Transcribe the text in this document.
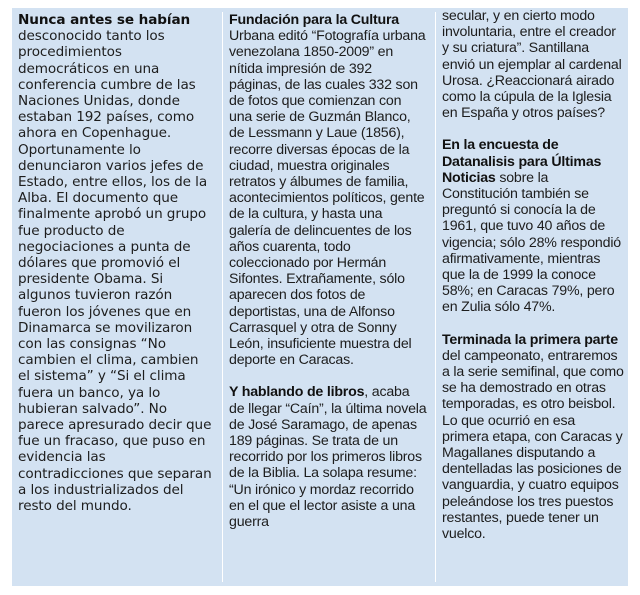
Nunca antes se habían
desconocido tanto los procedimientos democráticos en una conferencia cumbre de las Naciones Unidas, donde estaban 192 países, como ahora en Copenhague. Oportunamente lo denunciaron varios jefes de Estado, entre ellos, los de la Alba. El documento que finalmente aprobó un grupo fue producto de negociaciones a punta de dólares que promovió el presidente Obama. Si algunos tuvieron razón fueron los jóvenes que en Dinamarca se movilizaron con las consignas “No cambien el clima, cambien el sistema” y “Si el clima fuera un banco, ya lo hubieran salvado”. No parece apresurado decir que fue un fracaso, que puso en evidencia las contradicciones que separan a los industrializados del resto del mundo.

Fundación para la Cultura
Urbana editó “Fotografía urbana venezolana 1850-2009” en nítida impresión de 392 páginas, de las cuales 332 son de fotos que comienzan con una serie de Guzmán Blanco, de Lessmann y Laue (1856), recorre diversas épocas de la ciudad, muestra originales retratos y álbumes de familia, acontecimientos políticos, gente de la cultura, y hasta una galería de delincuentes de los años cuarenta, todo coleccionado por Hermán Sifontes. Extrañamente, sólo aparecen dos fotos de deportistas, una de Alfonso Carrasquel y otra de Sonny León, insuficiente muestra del deporte en Caracas.

Y hablando de libros, acaba de llegar “Caín”, la última novela de José Saramago, de apenas 189 páginas. Se trata de un recorrido por los primeros libros de la Biblia. La solapa resume: “Un irónico y mordaz recorrido en el que el lector asiste a una guerra

secular, y en cierto modo involuntaria, entre el creador y su criatura”. Santillana envió un ejemplar al cardenal Urosa. ¿Reaccionará airado como la cúpula de la Iglesia en España y otros países?

En la encuesta de Datanalisis para Últimas Noticias sobre la Constitución también se preguntó si conocía la de 1961, que tuvo 40 años de vigencia; sólo 28% respondió afirmativamente, mientras que la de 1999 la conoce 58%; en Caracas 79%, pero en Zulia sólo 47%.

Terminada la primera parte del campeonato, entraremos a la serie semifinal, que como se ha demostrado en otras temporadas, es otro beisbol. Lo que ocurrió en esa primera etapa, con Caracas y Magallanes disputando a dentelladas las posiciones de vanguardia, y cuatro equipos peleándose los tres puestos restantes, puede tener un vuelco.
